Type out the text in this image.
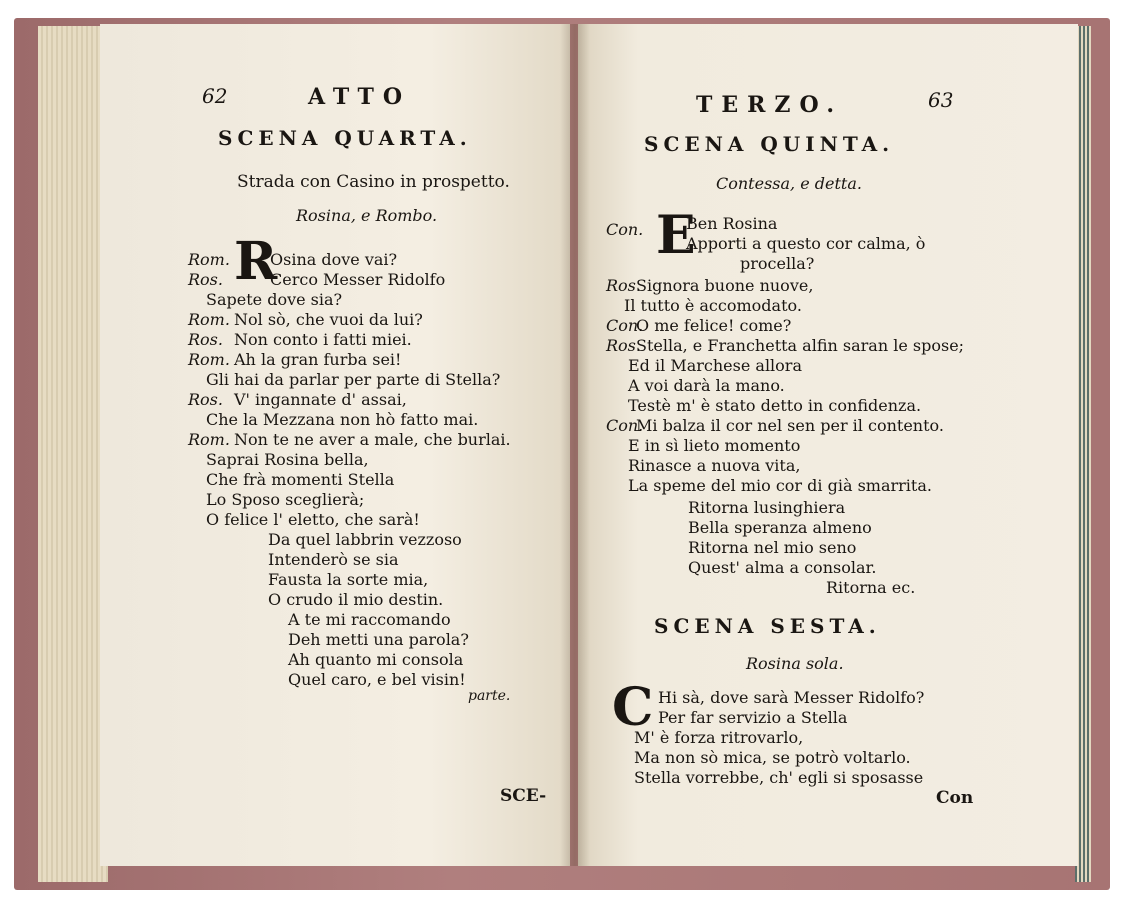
62	ATTO
SCENA QUARTA.
Strada con Casino in prospetto.
Rosina, e Rombo.
R
Rom.	Osina dove vai?
Ros.	Cerco Messer Ridolfo
Sapete dove sia?
Rom. Nol sò, che vuoi da lui?
Ros. Non conto i fatti miei.
Rom. Ah la gran furba sei!
Gli hai da parlar per parte di Stella?
Ros. V' ingannate d' assai,
Che la Mezzana non hò fatto mai.
Rom. Non te ne aver a male, che burlai.
Saprai Rosina bella,
Che frà momenti Stella
Lo Sposo sceglierà;
O felice l' eletto, che sarà!
Da quel labbrin vezzoso
Intenderò se sia
Fausta la sorte mia,
O crudo il mio destin.
A te mi raccomando
Deh metti una parola?
Ah quanto mi consola
Quel caro, e bel visin!
parte.
SCE-
TERZO.	63
SCENA QUINTA.
Contessa, e detta.
Con. E
Ben Rosina
Apporti a questo cor calma, ò
procella?
Ros.Signora buone nuove,
Il tutto è accomodato.
Con.O me felice! come?
Ros.Stella, e Franchetta alfin saran le spose;
Ed il Marchese allora
A voi darà la mano.
Testè m' è stato detto in confidenza.
Con.Mi balza il cor nel sen per il contento.
E in sì lieto momento
Rinasce a nuova vita,
La speme del mio cor di già smarrita.
Ritorna lusinghiera
Bella speranza almeno
Ritorna nel mio seno
Quest' alma a consolar.
Ritorna ec.
SCENA SESTA.
Rosina sola.
C Hi sà, dove sarà Messer Ridolfo?
Per far servizio a Stella
M' è forza ritrovarlo,
Ma non sò mica, se potrò voltarlo.
Stella vorrebbe, ch' egli si sposasse
Con
